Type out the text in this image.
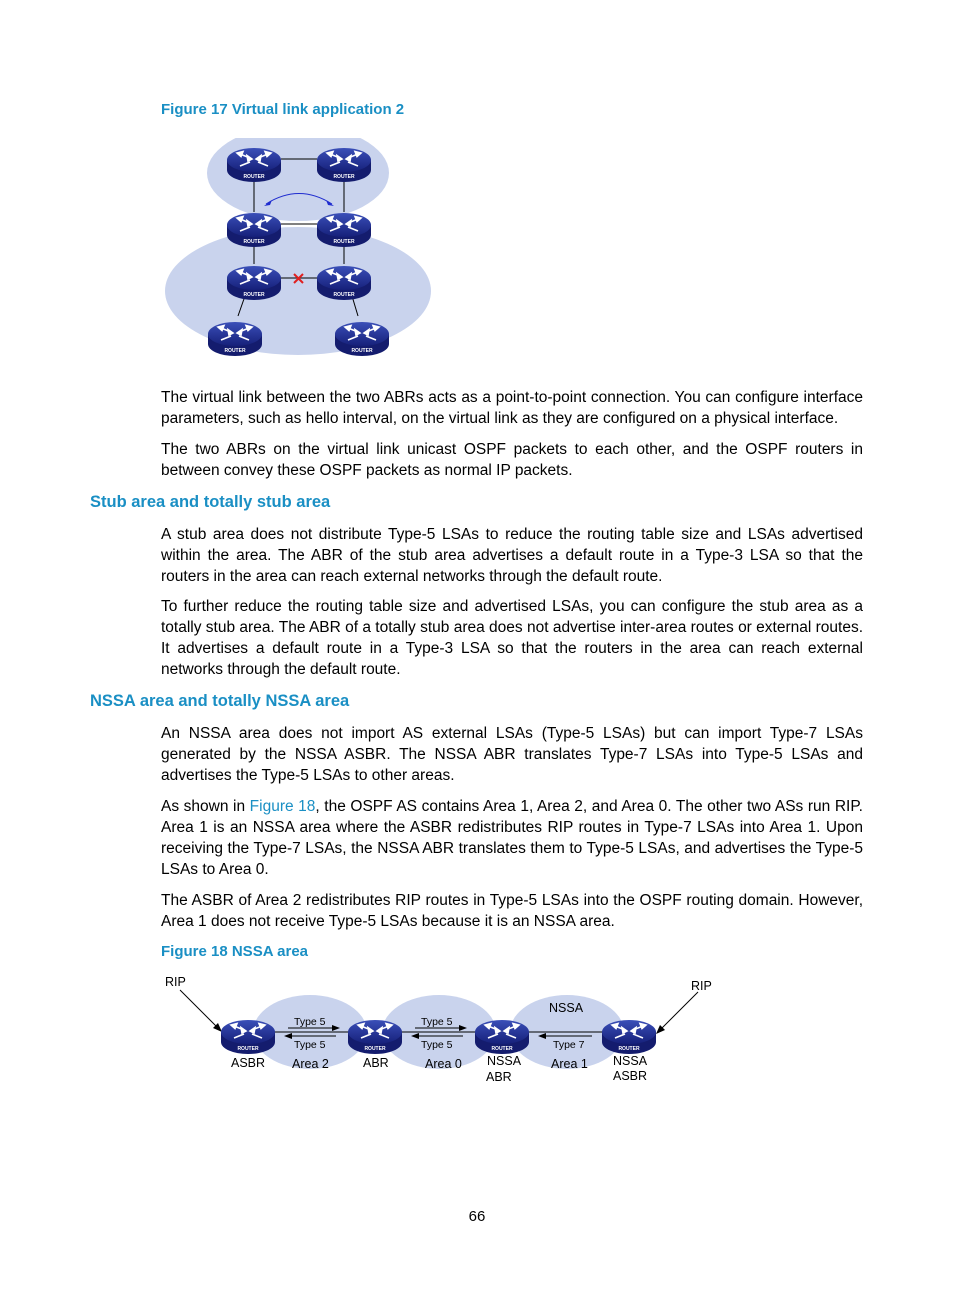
Figure 17 Virtual link application 2
ROUTER	ROUTER
ROUTER	ROUTER
ROUTER	ROUTER
ROUTER	ROUTER

The virtual link between the two ABRs acts as a point-to-point connection. You can configure interface parameters, such as hello interval, on the virtual link as they are configured on a physical interface.

The two ABRs on the virtual link unicast OSPF packets to each other, and the OSPF routers in between convey these OSPF packets as normal IP packets.

Stub area and totally stub area

A stub area does not distribute Type-5 LSAs to reduce the routing table size and LSAs advertised within the area. The ABR of the stub area advertises a default route in a Type-3 LSA so that the routers in the area can reach external networks through the default route.

To further reduce the routing table size and advertised LSAs, you can configure the stub area as a totally stub area. The ABR of a totally stub area does not advertise inter-area routes or external routes. It advertises a default route in a Type-3 LSA so that the routers in the area can reach external networks through the default route.

NSSA area and totally NSSA area

An NSSA area does not import AS external LSAs (Type-5 LSAs) but can import Type-7 LSAs generated by the NSSA ASBR. The NSSA ABR translates Type-7 LSAs into Type-5 LSAs and advertises the Type-5 LSAs to other areas.

As shown in Figure 18, the OSPF AS contains Area 1, Area 2, and Area 0. The other two ASs run RIP. Area 1 is an NSSA area where the ASBR redistributes RIP routes in Type-7 LSAs into Area 1. Upon receiving the Type-7 LSAs, the NSSA ABR translates them to Type-5 LSAs, and advertises the Type-5 LSAs to Area 0.

The ASBR of Area 2 redistributes RIP routes in Type-5 LSAs into the OSPF routing domain. However, Area 1 does not receive Type-5 LSAs because it is an NSSA area.

Figure 18 NSSA area
ROUTER	ROUTER	ROUTER	ROUTER
RIP	RIP
NSSA
Area 2	Area 0	Area 1
ASBR	ABR	NSSA
ABR
NSSA
ASBR
Type 5
Type 5
Type 5
Type 5	Type 7
66
